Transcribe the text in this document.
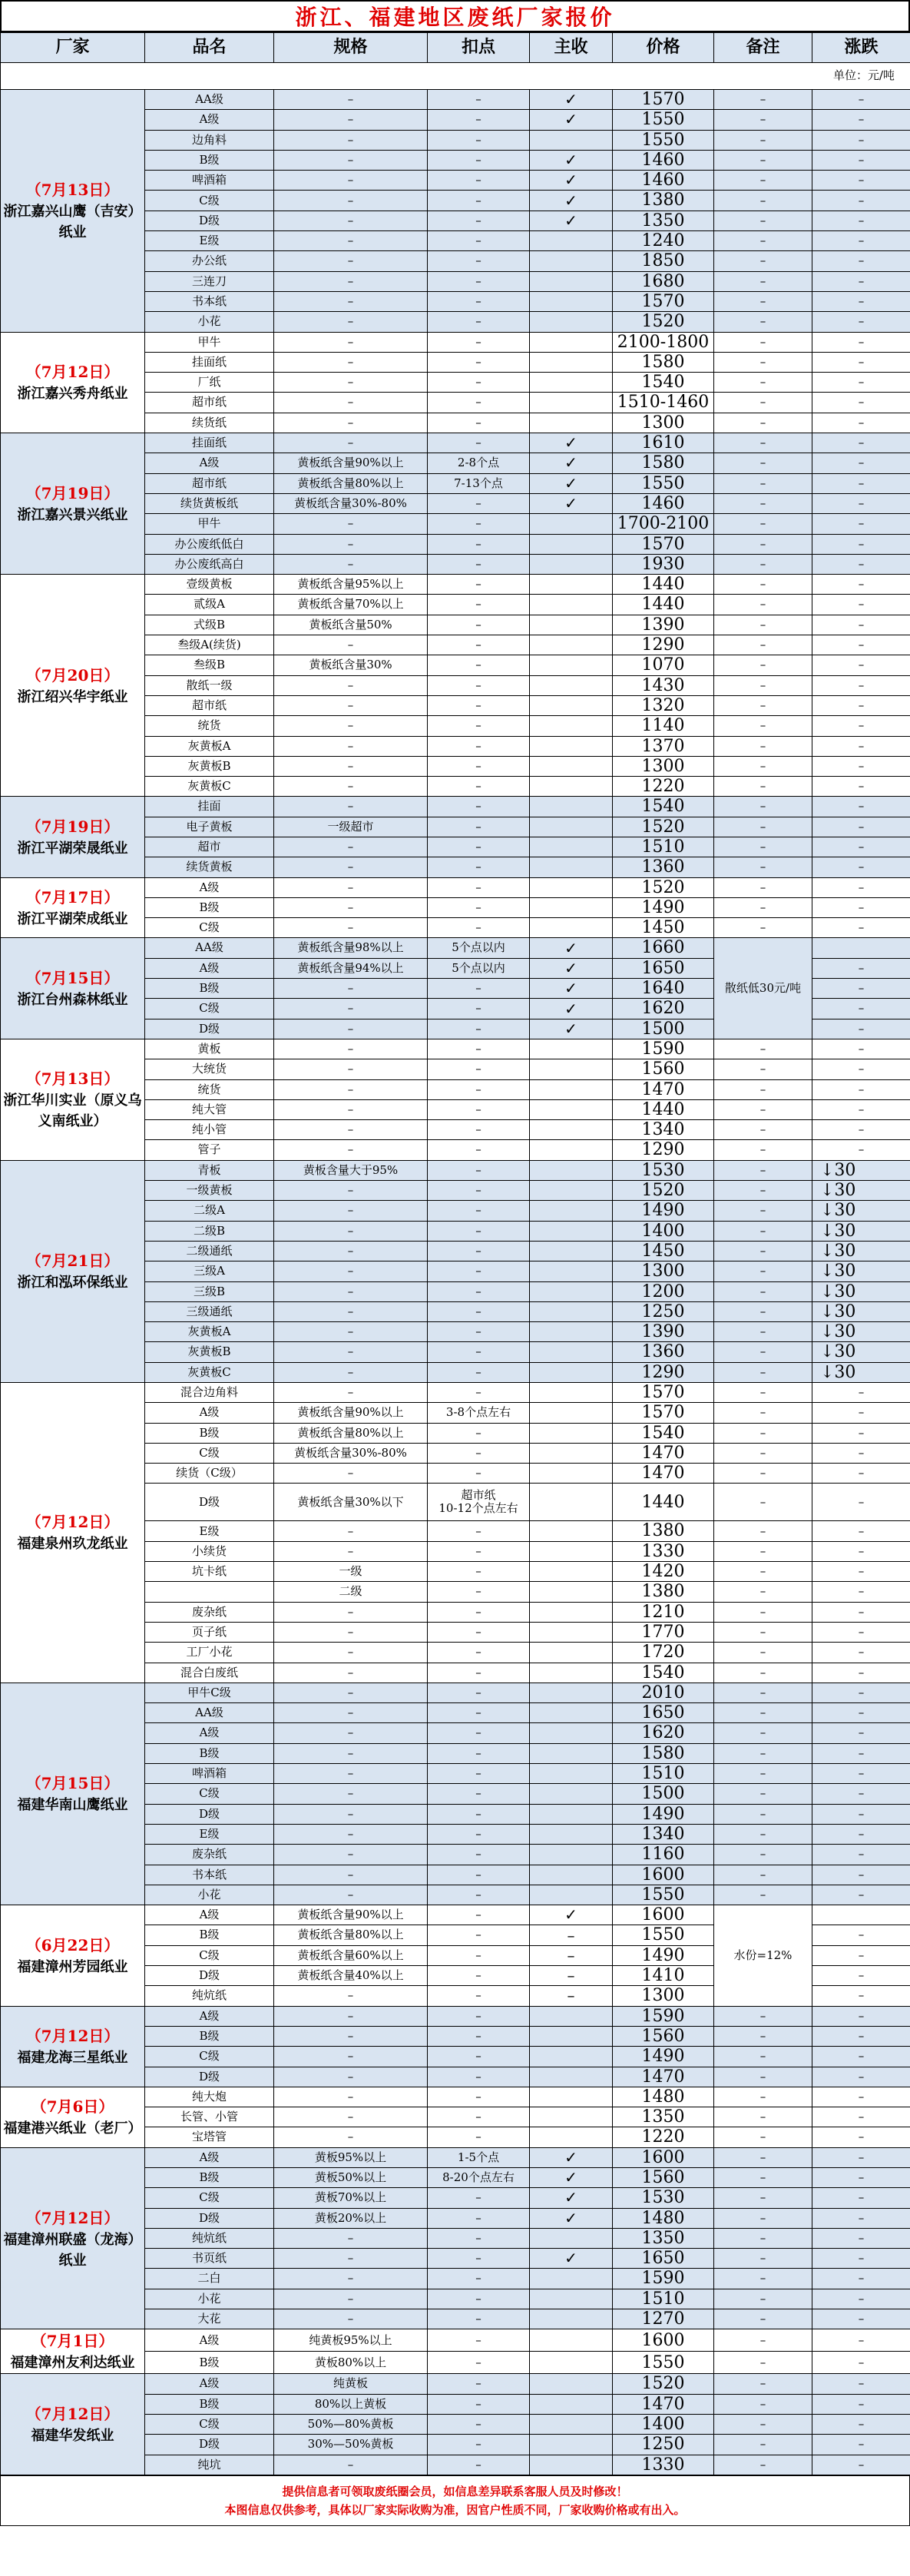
浙江、福建地区废纸厂家报价
厂家	品名	规格	扣点	主收	价格	备注	涨跌
单位：元/吨							

（7月13日）
浙江嘉兴山鹰（吉安）纸业	AA级	–	–	✓	1570	–	–
	A级	–	–	✓	1550	–	–
	边角料	–	–		1550	–	–
	B级	–	–	✓	1460	–	–
	啤酒箱	–	–	✓	1460	–	–
	C级	–	–	✓	1380	–	–
	D级	–	–	✓	1350	–	–
	E级	–	–		1240	–	–
	办公纸	–	–		1850	–	–
	三连刀	–	–		1680	–	–
	书本纸	–	–		1570	–	–
	小花	–	–		1520	–	–

（7月12日）
浙江嘉兴秀舟纸业	甲牛	–	–		2100-1800	–	–
	挂面纸	–	–		1580	–	–
	厂纸	–	–		1540	–	–
	超市纸	–	–		1510-1460	–	–
	续货纸	–	–		1300	–	–

（7月19日）
浙江嘉兴景兴纸业	挂面纸	–	–	✓	1610	–	–
	A级	黄板纸含量90%以上	2-8个点	✓	1580	–	–
	超市纸	黄板纸含量80%以上	7-13个点	✓	1550	–	–
	续货黄板纸	黄板纸含量30%-80%	–	✓	1460	–	–
	甲牛	–	–		1700-2100	–	–
	办公废纸低白	–	–		1570	–	–
	办公废纸高白	–	–		1930	–	–

（7月20日）
浙江绍兴华宇纸业	壹级黄板	黄板纸含量95%以上	–		1440	–	–
	贰级A	黄板纸含量70%以上	–		1440	–	–
	式级B	黄板纸含量50%	–		1390	–	–
	叁级A(续货)	–	–		1290	–	–
	叁级B	黄板纸含量30%	–		1070	–	–
	散纸一级	–	–		1430	–	–
	超市纸	–	–		1320	–	–
	统货	–	–		1140	–	–
	灰黄板A	–	–		1370	–	–
	灰黄板B	–	–		1300	–	–
	灰黄板C	–	–		1220	–	–

（7月19日）
浙江平湖荣晟纸业	挂面	–	–		1540	–	–
	电子黄板	一级超市	–		1520	–	–
	超市	–	–		1510	–	–
	续货黄板	–	–		1360	–	–

（7月17日）
浙江平湖荣成纸业	A级	–	–		1520	–	–
	B级	–	–		1490	–	–
	C级	–	–		1450	–	–

（7月15日）
浙江台州森林纸业	AA级	黄板纸含量98%以上	5个点以内	✓	1660	散纸低30元/吨	
	A级	黄板纸含量94%以上	5个点以内	✓	1650		–
	B级	–	–	✓	1640		–
	C级	–	–	✓	1620		–
	D级	–	–	✓	1500		–

（7月13日）
浙江华川实业（原义乌义南纸业）	黄板	–	–		1590	–	–
	大统货	–	–		1560	–	–
	统货	–	–		1470	–	–
	纯大管	–	–		1440	–	–
	纯小管	–	–		1340	–	–
	管子	–	–		1290	–	–

（7月21日）
浙江和泓环保纸业	青板	黄板含量大于95%	–		1530	–	↓30
	一级黄板	–	–		1520	–	↓30
	二级A	–	–		1490	–	↓30
	二级B	–	–		1400	–	↓30
	二级通纸	–	–		1450	–	↓30
	三级A	–	–		1300	–	↓30
	三级B	–	–		1200	–	↓30
	三级通纸	–	–		1250	–	↓30
	灰黄板A	–	–		1390	–	↓30
	灰黄板B	–	–		1360	–	↓30
	灰黄板C	–	–		1290	–	↓30

（7月12日）
福建泉州玖龙纸业	混合边角料	–	–		1570	–	–
	A级	黄板纸含量90%以上	3-8个点左右		1570	–	–
	B级	黄板纸含量80%以上	–		1540	–	–
	C级	黄板纸含量30%-80%	–		1470	–	–
	续货（C级）	–	–		1470	–	–
	D级	黄板纸含量30%以下	超市纸
10-12个点左右		1440	–	–
	E级	–	–		1380	–	–
	小续货	–	–		1330	–	–
	坑卡纸	一级	–		1420	–	–
		二级	–		1380	–	–
	废杂纸	–	–		1210	–	–
	页子纸	–	–		1770	–	–
	工厂小花	–	–		1720	–	–
	混合白废纸	–	–		1540	–	–

（7月15日）
福建华南山鹰纸业	甲牛C级	–	–		2010	–	–
	AA级	–	–		1650	–	–
	A级	–	–		1620	–	–
	B级	–	–		1580	–	–
	啤酒箱	–	–		1510	–	–
	C级	–	–		1500	–	–
	D级	–	–		1490	–	–
	E级	–	–		1340	–	–
	废杂纸	–	–		1160	–	–
	书本纸	–	–		1600	–	–
	小花	–	–		1550	–	–

（6月22日）
福建漳州芳园纸业	A级	黄板纸含量90%以上	–	✓	1600	水份=12%	
	B级	黄板纸含量80%以上	–	–	1550		–
	C级	黄板纸含量60%以上	–	–	1490		–
	D级	黄板纸含量40%以上	–	–	1410		–
	纯炕纸	–	–	–	1300		–

（7月12日）
福建龙海三星纸业	A级	–	–		1590	–	–
	B级	–	–		1560	–	–
	C级	–	–		1490	–	–
	D级	–	–		1470	–	–

（7月6日）
福建港兴纸业（老厂）	纯大炮	–	–		1480	–	–
	长管、小管	–	–		1350	–	–
	宝塔管	–	–		1220	–	–

（7月12日）
福建漳州联盛（龙海）纸业	A级	黄板95%以上	1-5个点	✓	1600	–	–
	B级	黄板50%以上	8-20个点左右	✓	1560	–	–
	C级	黄板70%以上	–	✓	1530	–	–
	D级	黄板20%以上	–	✓	1480	–	–
	纯炕纸	–	–		1350	–	–
	书页纸	–	–	✓	1650	–	–
	二白	–	–		1590	–	–
	小花	–	–		1510	–	–
	大花	–	–		1270	–	–

（7月1日）
福建漳州友利达纸业	A级	纯黄板95%以上	–		1600	–	–
	B级	黄板80%以上	–		1550	–	–

（7月12日）
福建华发纸业	A级	纯黄板	–		1520	–	–
	B级	80%以上黄板	–		1470	–	–
	C级	50%—80%黄板	–		1400	–	–
	D级	30%—50%黄板	–		1250	–	–
	纯坑	–	–		1330	–	–
提供信息者可领取废纸圈会员，如信息差异联系客服人员及时修改！
本图信息仅供参考，具体以厂家实际收购为准，因官户性质不同，厂家收购价格或有出入。
